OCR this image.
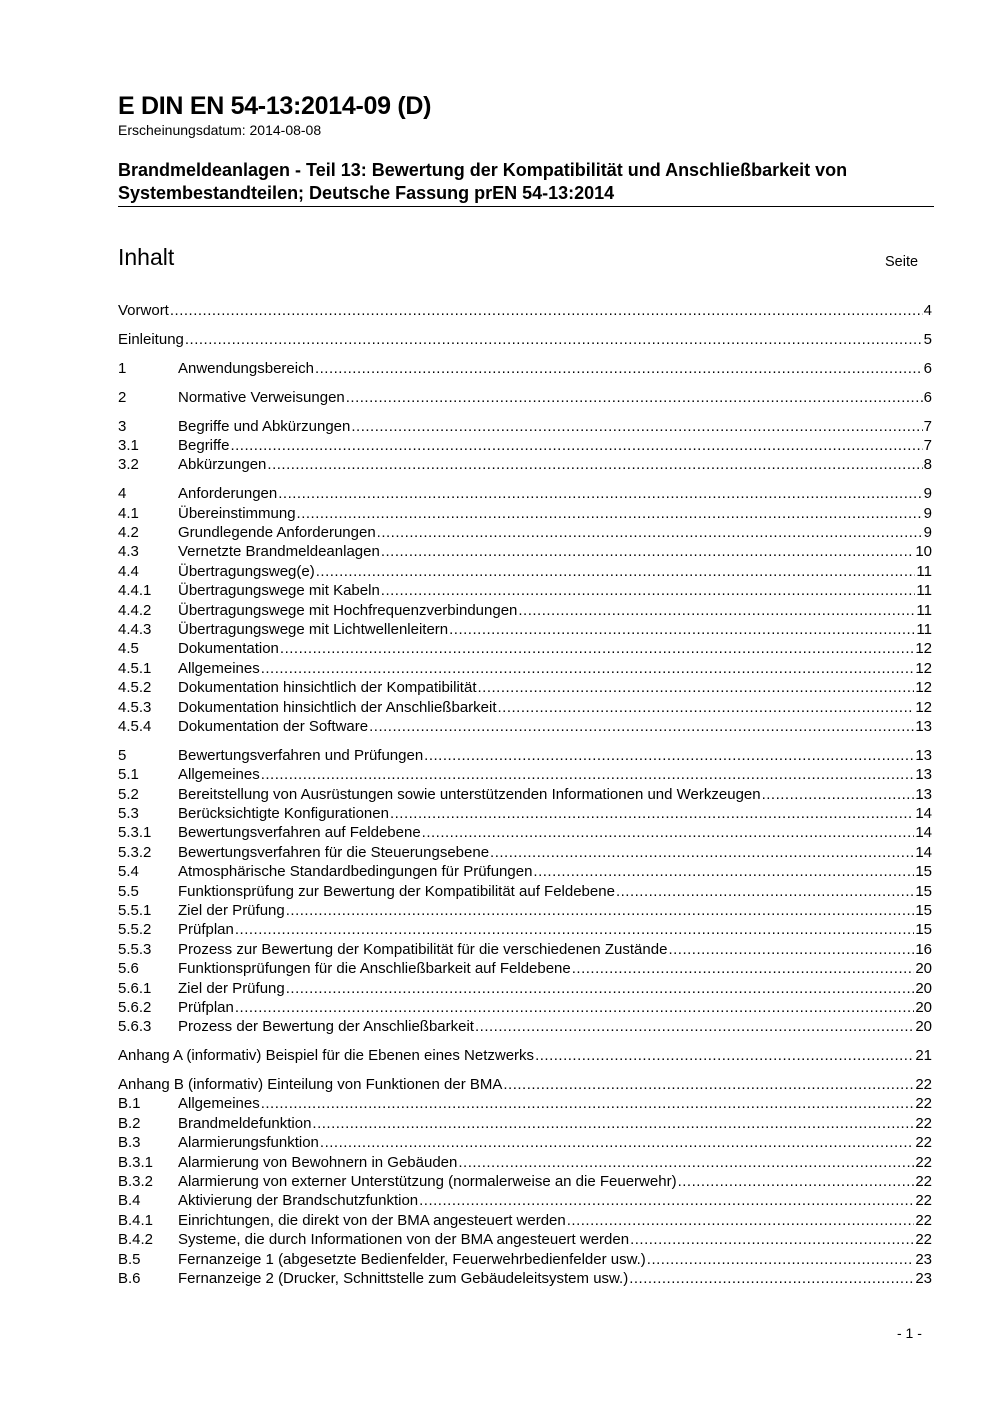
E DIN EN 54-13:2014-09 (D)
Erscheinungsdatum: 2014-08-08
Brandmeldeanlagen - Teil 13: Bewertung der Kompatibilität und Anschließbarkeit von Systembestandteilen; Deutsche Fassung prEN 54-13:2014
Inhalt	Seite
Vorwort .....	4
Einleitung .....	5
1	Anwendungsbereich .....	6
2	Normative Verweisungen .....	6
3	Begriffe und Abkürzungen .....	7
3.1	Begriffe .....	7
3.2	Abkürzungen .....	8
4	Anforderungen .....	9
4.1	Übereinstimmung .....	9
4.2	Grundlegende Anforderungen .....	9
4.3	Vernetzte Brandmeldeanlagen .....	10
4.4	Übertragungsweg(e) .....	11
4.4.1	Übertragungswege mit Kabeln .....	11
4.4.2	Übertragungswege mit Hochfrequenzverbindungen .....	11
4.4.3	Übertragungswege mit Lichtwellenleitern .....	11
4.5	Dokumentation .....	12
4.5.1	Allgemeines .....	12
4.5.2	Dokumentation hinsichtlich der Kompatibilität .....	12
4.5.3	Dokumentation hinsichtlich der Anschließbarkeit .....	12
4.5.4	Dokumentation der Software .....	13
5	Bewertungsverfahren und Prüfungen .....	13
5.1	Allgemeines .....	13
5.2	Bereitstellung von Ausrüstungen sowie unterstützenden Informationen und Werkzeugen .....	13
5.3	Berücksichtigte Konfigurationen .....	14
5.3.1	Bewertungsverfahren auf Feldebene .....	14
5.3.2	Bewertungsverfahren für die Steuerungsebene .....	14
5.4	Atmosphärische Standardbedingungen für Prüfungen .....	15
5.5	Funktionsprüfung zur Bewertung der Kompatibilität auf Feldebene .....	15
5.5.1	Ziel der Prüfung .....	15
5.5.2	Prüfplan .....	15
5.5.3	Prozess zur Bewertung der Kompatibilität für die verschiedenen Zustände .....	16
5.6	Funktionsprüfungen für die Anschließbarkeit auf Feldebene .....	20
5.6.1	Ziel der Prüfung .....	20
5.6.2	Prüfplan .....	20
5.6.3	Prozess der Bewertung der Anschließbarkeit .....	20
Anhang A (informativ) Beispiel für die Ebenen eines Netzwerks .....	21
Anhang B (informativ) Einteilung von Funktionen der BMA .....	22
B.1	Allgemeines .....	22
B.2	Brandmeldefunktion .....	22
B.3	Alarmierungsfunktion .....	22
B.3.1	Alarmierung von Bewohnern in Gebäuden .....	22
B.3.2	Alarmierung von externer Unterstützung (normalerweise an die Feuerwehr) .....	22
B.4	Aktivierung der Brandschutzfunktion .....	22
B.4.1	Einrichtungen, die direkt von der BMA angesteuert werden .....	22
B.4.2	Systeme, die durch Informationen von der BMA angesteuert werden .....	22
B.5	Fernanzeige 1 (abgesetzte Bedienfelder, Feuerwehrbedienfelder usw.) .....	23
B.6	Fernanzeige 2 (Drucker, Schnittstelle zum Gebäudeleitsystem usw.) .....	23
- 1 -
